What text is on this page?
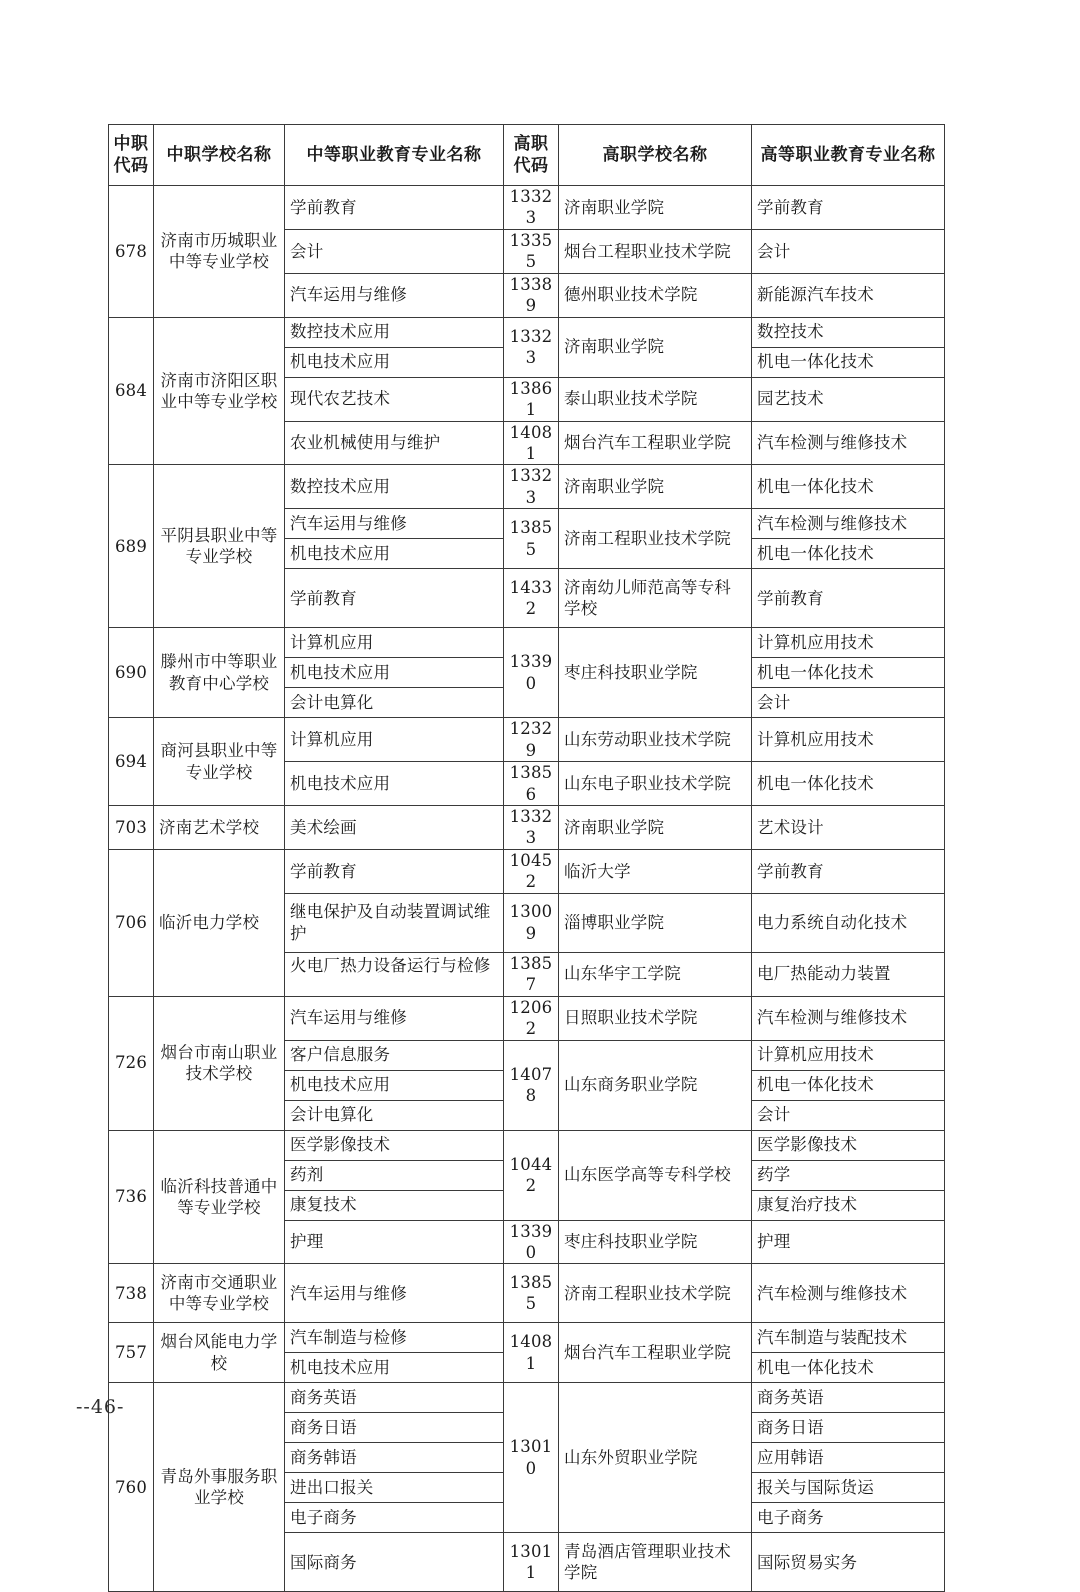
中职
代码	中职学校名称	中等职业教育专业名称	高职
代码	高职学校名称	高等职业教育专业名称
678	济南市历城职业中等专业学校	学前教育	13323	济南职业学院	学前教育
		会计	13355	烟台工程职业技术学院	会计
		汽车运用与维修	13389	德州职业技术学院	新能源汽车技术
684	济南市济阳区职业中等专业学校	数控技术应用	13323	济南职业学院	数控技术
		机电技术应用			机电一体化技术
		现代农艺技术	13861	泰山职业技术学院	园艺技术
		农业机械使用与维护	14081	烟台汽车工程职业学院	汽车检测与维修技术
689	平阴县职业中等专业学校	数控技术应用	13323	济南职业学院	机电一体化技术
		汽车运用与维修	13855	济南工程职业技术学院	汽车检测与维修技术
		机电技术应用			机电一体化技术
		学前教育	14332	济南幼儿师范高等专科学校	学前教育
690	滕州市中等职业教育中心学校	计算机应用	13390	枣庄科技职业学院	计算机应用技术
		机电技术应用			机电一体化技术
		会计电算化			会计
694	商河县职业中等专业学校	计算机应用	12329	山东劳动职业技术学院	计算机应用技术
		机电技术应用	13856	山东电子职业技术学院	机电一体化技术
703	济南艺术学校	美术绘画	13323	济南职业学院	艺术设计
706	临沂电力学校	学前教育	10452	临沂大学	学前教育
		继电保护及自动装置调试维护	13009	淄博职业学院	电力系统自动化技术

		火电厂热力设备运行与检修	13857	山东华宇工学院	电厂热能动力装置
726	烟台市南山职业技术学校	汽车运用与维修	12062	日照职业技术学院	汽车检测与维修技术
		客户信息服务	14078	山东商务职业学院	计算机应用技术
		机电技术应用			机电一体化技术
		会计电算化			会计
736	临沂科技普通中等专业学校	医学影像技术	10442	山东医学高等专科学校	医学影像技术
		药剂			药学
		康复技术			康复治疗技术
		护理	13390	枣庄科技职业学院	护理
738	济南市交通职业中等专业学校	汽车运用与维修	13855	济南工程职业技术学院	汽车检测与维修技术
757	烟台风能电力学校	汽车制造与检修	14081	烟台汽车工程职业学院	汽车制造与装配技术
		机电技术应用			机电一体化技术
760	青岛外事服务职业学校	商务英语	13010	山东外贸职业学院	商务英语
		商务日语			商务日语
		商务韩语			应用韩语
		进出口报关			报关与国际货运
		电子商务			电子商务
		国际商务	13011	青岛酒店管理职业技术学院	国际贸易实务
--46-
